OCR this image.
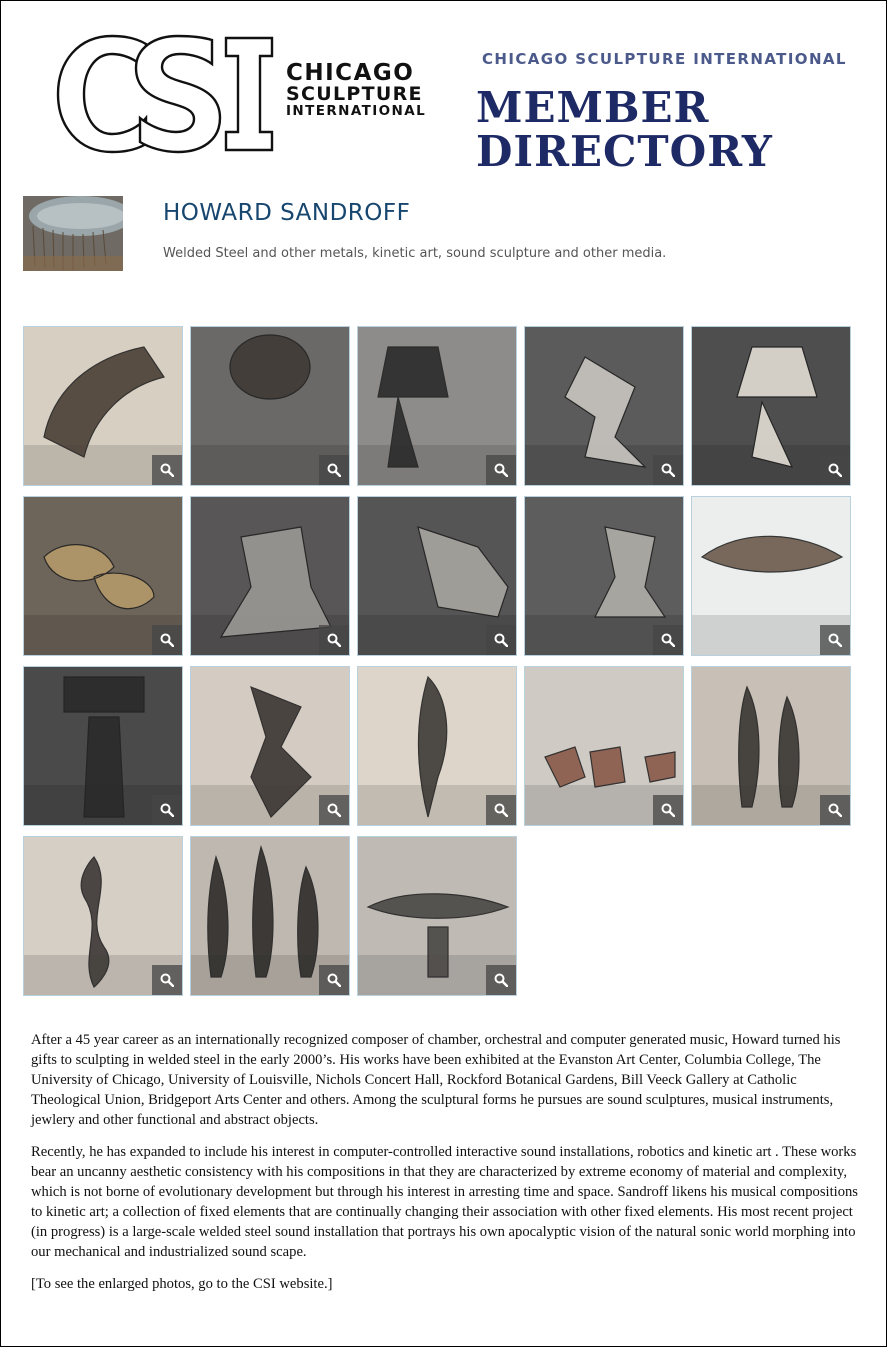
CHICAGO
SCULPTURE
INTERNATIONAL
CHICAGO SCULPTURE INTERNATIONAL
MEMBER
DIRECTORY
HOWARD SANDROFF
Welded Steel and other metals, kinetic art, sound sculpture and other media.

After a 45 year career as an internationally recognized composer of chamber, orchestral and computer generated music, Howard turned his gifts to sculpting in welded steel in the early 2000’s. His works have been exhibited at the Evanston Art Center, Columbia College, The University of Chicago, University of Louisville, Nichols Concert Hall, Rockford Botanical Gardens, Bill Veeck Gallery at Catholic Theological Union, Bridgeport Arts Center and others. Among the sculptural forms he pursues are sound sculptures, musical instruments, jewlery and other functional and abstract objects.

Recently, he has expanded to include his interest in computer-controlled interactive sound installations, robotics and kinetic art . These works bear an uncanny aesthetic consistency with his compositions in that they are characterized by extreme economy of material and complexity, which is not borne of evolutionary development but through his interest in arresting time and space. Sandroff likens his musical compositions to kinetic art; a collection of fixed elements that are continually changing their association with other fixed elements. His most recent project (in progress) is a large-scale welded steel sound installation that portrays his own apocalyptic vision of the natural sonic world morphing into our mechanical and industrialized sound scape.

[To see the enlarged photos, go to the CSI website.]
